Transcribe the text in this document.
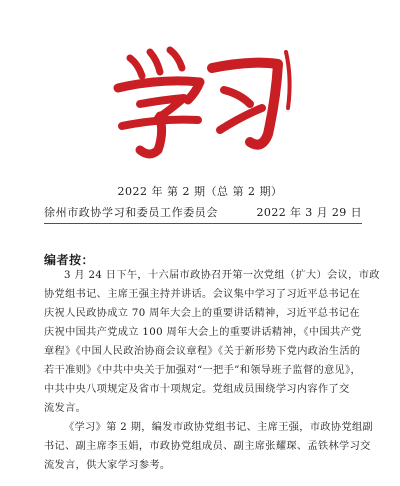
2022 年 第 2 期（总 第 2 期）
徐州市政协学习和委员工作委员会	2022 年 3 月 29 日
编者按：

3 月 24 日下午，十六届市政协召开第一次党组（扩大）会议，市政
协党组书记、主席王强主持并讲话。会议集中学习了习近平总书记在
庆祝人民政协成立 70 周年大会上的重要讲话精神，习近平总书记在
庆祝中国共产党成立 100 周年大会上的重要讲话精神，《中国共产党
章程》《中国人民政治协商会议章程》《关于新形势下党内政治生活的
若干准则》《中共中央关于加强对“一把手”和领导班子监督的意见》，
中共中央八项规定及省市十项规定。党组成员围绕学习内容作了交
流发言。

《学习》第 2 期，编发市政协党组书记、主席王强，市政协党组副
书记、副主席李玉娟，市政协党组成员、副主席张耀琛、孟铁林学习交
流发言，供大家学习参考。
